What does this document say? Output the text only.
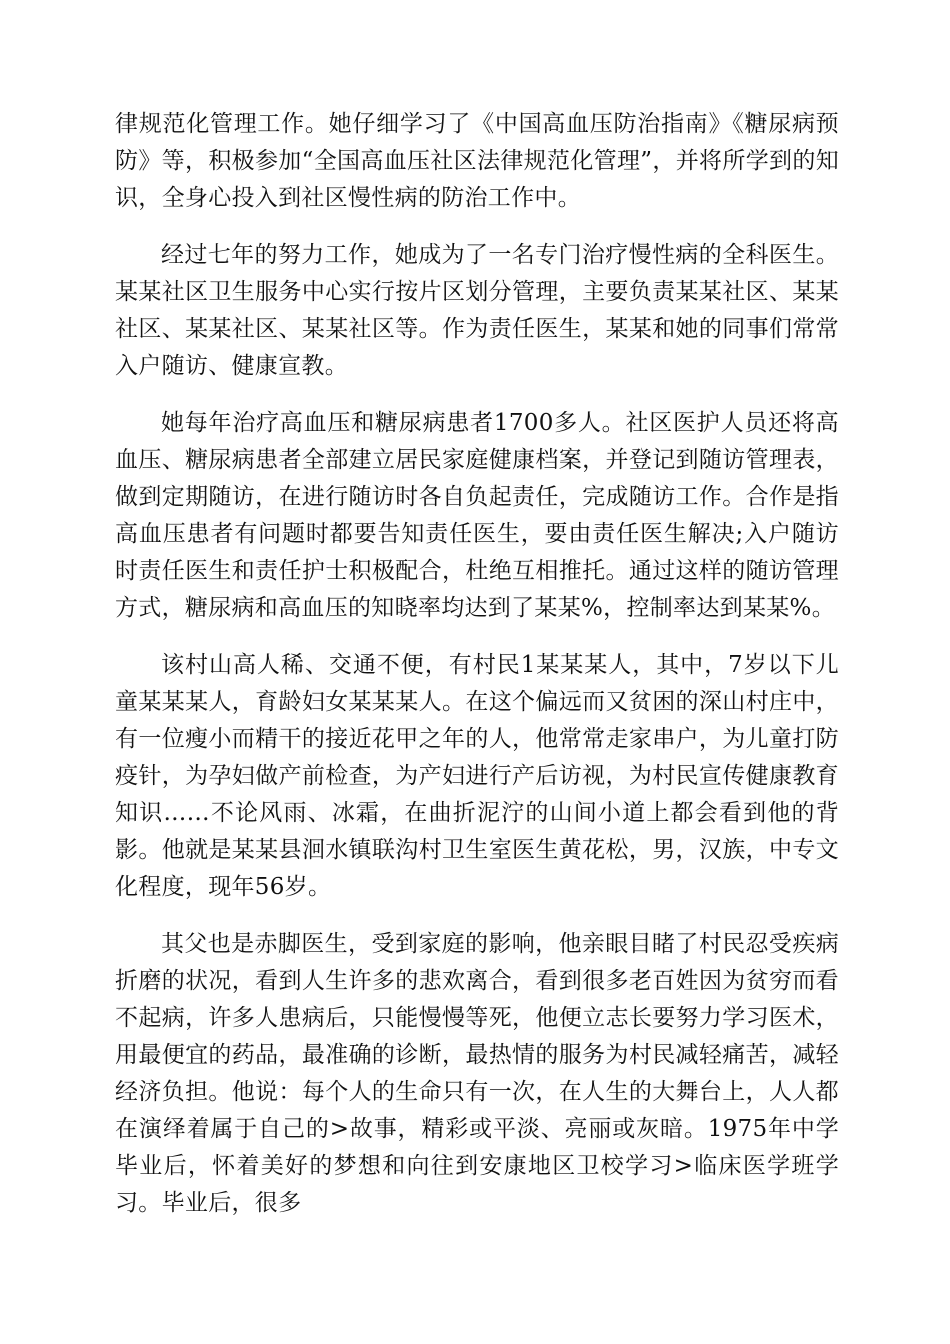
律规范化管理工作。她仔细学习了《中国高血压防治指南》《糖尿病预防》等，积极参加“全国高血压社区法律规范化管理”，并将所学到的知识，全身心投入到社区慢性病的防治工作中。

经过七年的努力工作，她成为了一名专门治疗慢性病的全科医生。某某社区卫生服务中心实行按片区划分管理，主要负责某某社区、某某社区、某某社区、某某社区等。作为责任医生，某某和她的同事们常常入户随访、健康宣教。

她每年治疗高血压和糖尿病患者1700多人。社区医护人员还将高血压、糖尿病患者全部建立居民家庭健康档案，并登记到随访管理表，做到定期随访，在进行随访时各自负起责任，完成随访工作。合作是指高血压患者有问题时都要告知责任医生，要由责任医生解决;入户随访时责任医生和责任护士积极配合，杜绝互相推托。通过这样的随访管理方式，糖尿病和高血压的知晓率均达到了某某%，控制率达到某某%。

该村山高人稀、交通不便，有村民1某某某人，其中，7岁以下儿童某某某人，育龄妇女某某某人。在这个偏远而又贫困的深山村庄中，有一位瘦小而精干的接近花甲之年的人，他常常走家串户，为儿童打防疫针，为孕妇做产前检查，为产妇进行产后访视，为村民宣传健康教育知识……不论风雨、冰霜，在曲折泥泞的山间小道上都会看到他的背影。他就是某某县洄水镇联沟村卫生室医生黄花松，男，汉族，中专文化程度，现年56岁。

其父也是赤脚医生，受到家庭的影响，他亲眼目睹了村民忍受疾病折磨的状况，看到人生许多的悲欢离合，看到很多老百姓因为贫穷而看不起病，许多人患病后，只能慢慢等死，他便立志长要努力学习医术，用最便宜的药品，最准确的诊断，最热情的服务为村民减轻痛苦，减轻经济负担。他说：每个人的生命只有一次，在人生的大舞台上，人人都在演绎着属于自己的>故事，精彩或平淡、亮丽或灰暗。1975年中学毕业后，怀着美好的梦想和向往到安康地区卫校学习>临床医学班学习。毕业后，很多
